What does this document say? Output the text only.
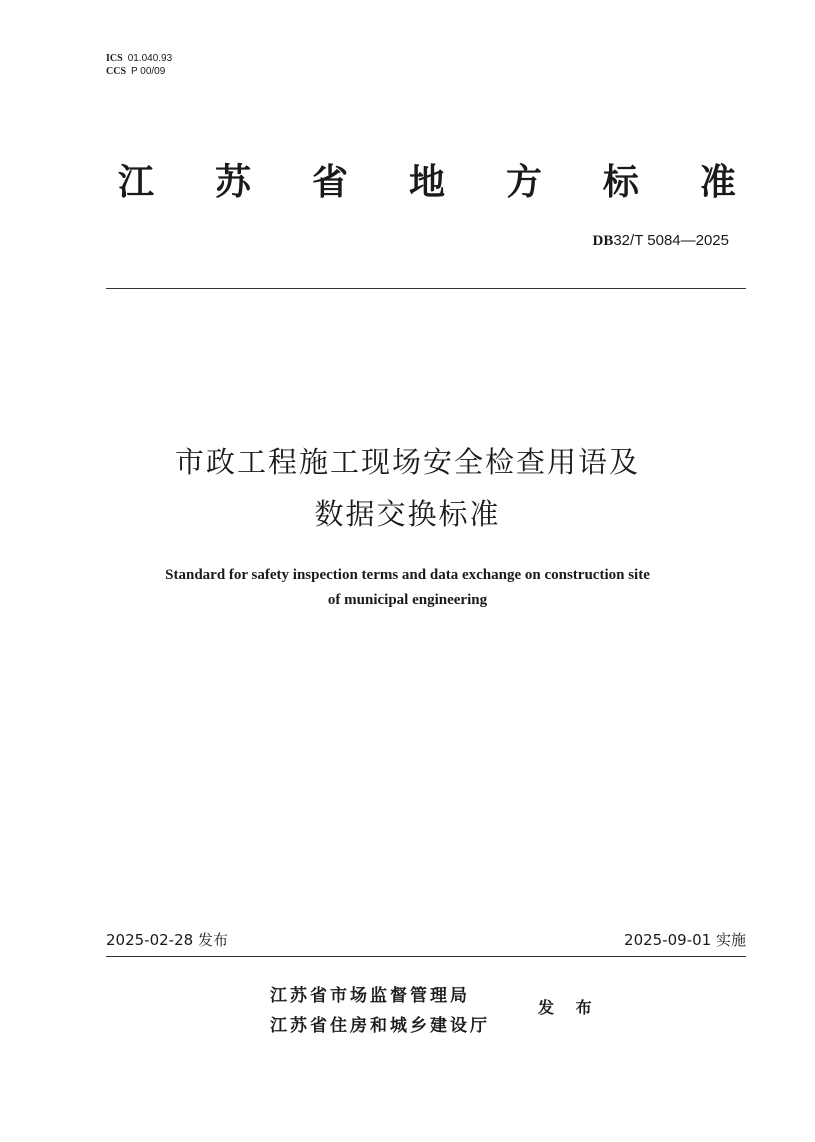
ICS 01.040.93
CCS P 00/09
江 苏 省 地 方 标 准
DB32/T 5084—2025
市政工程施工现场安全检查用语及
数据交换标准
Standard for safety inspection terms and data exchange on construction site
of municipal engineering
2025-02-28 发布	2025-09-01 实施
江苏省市场监督管理局
江苏省住房和城乡建设厅
发 布
